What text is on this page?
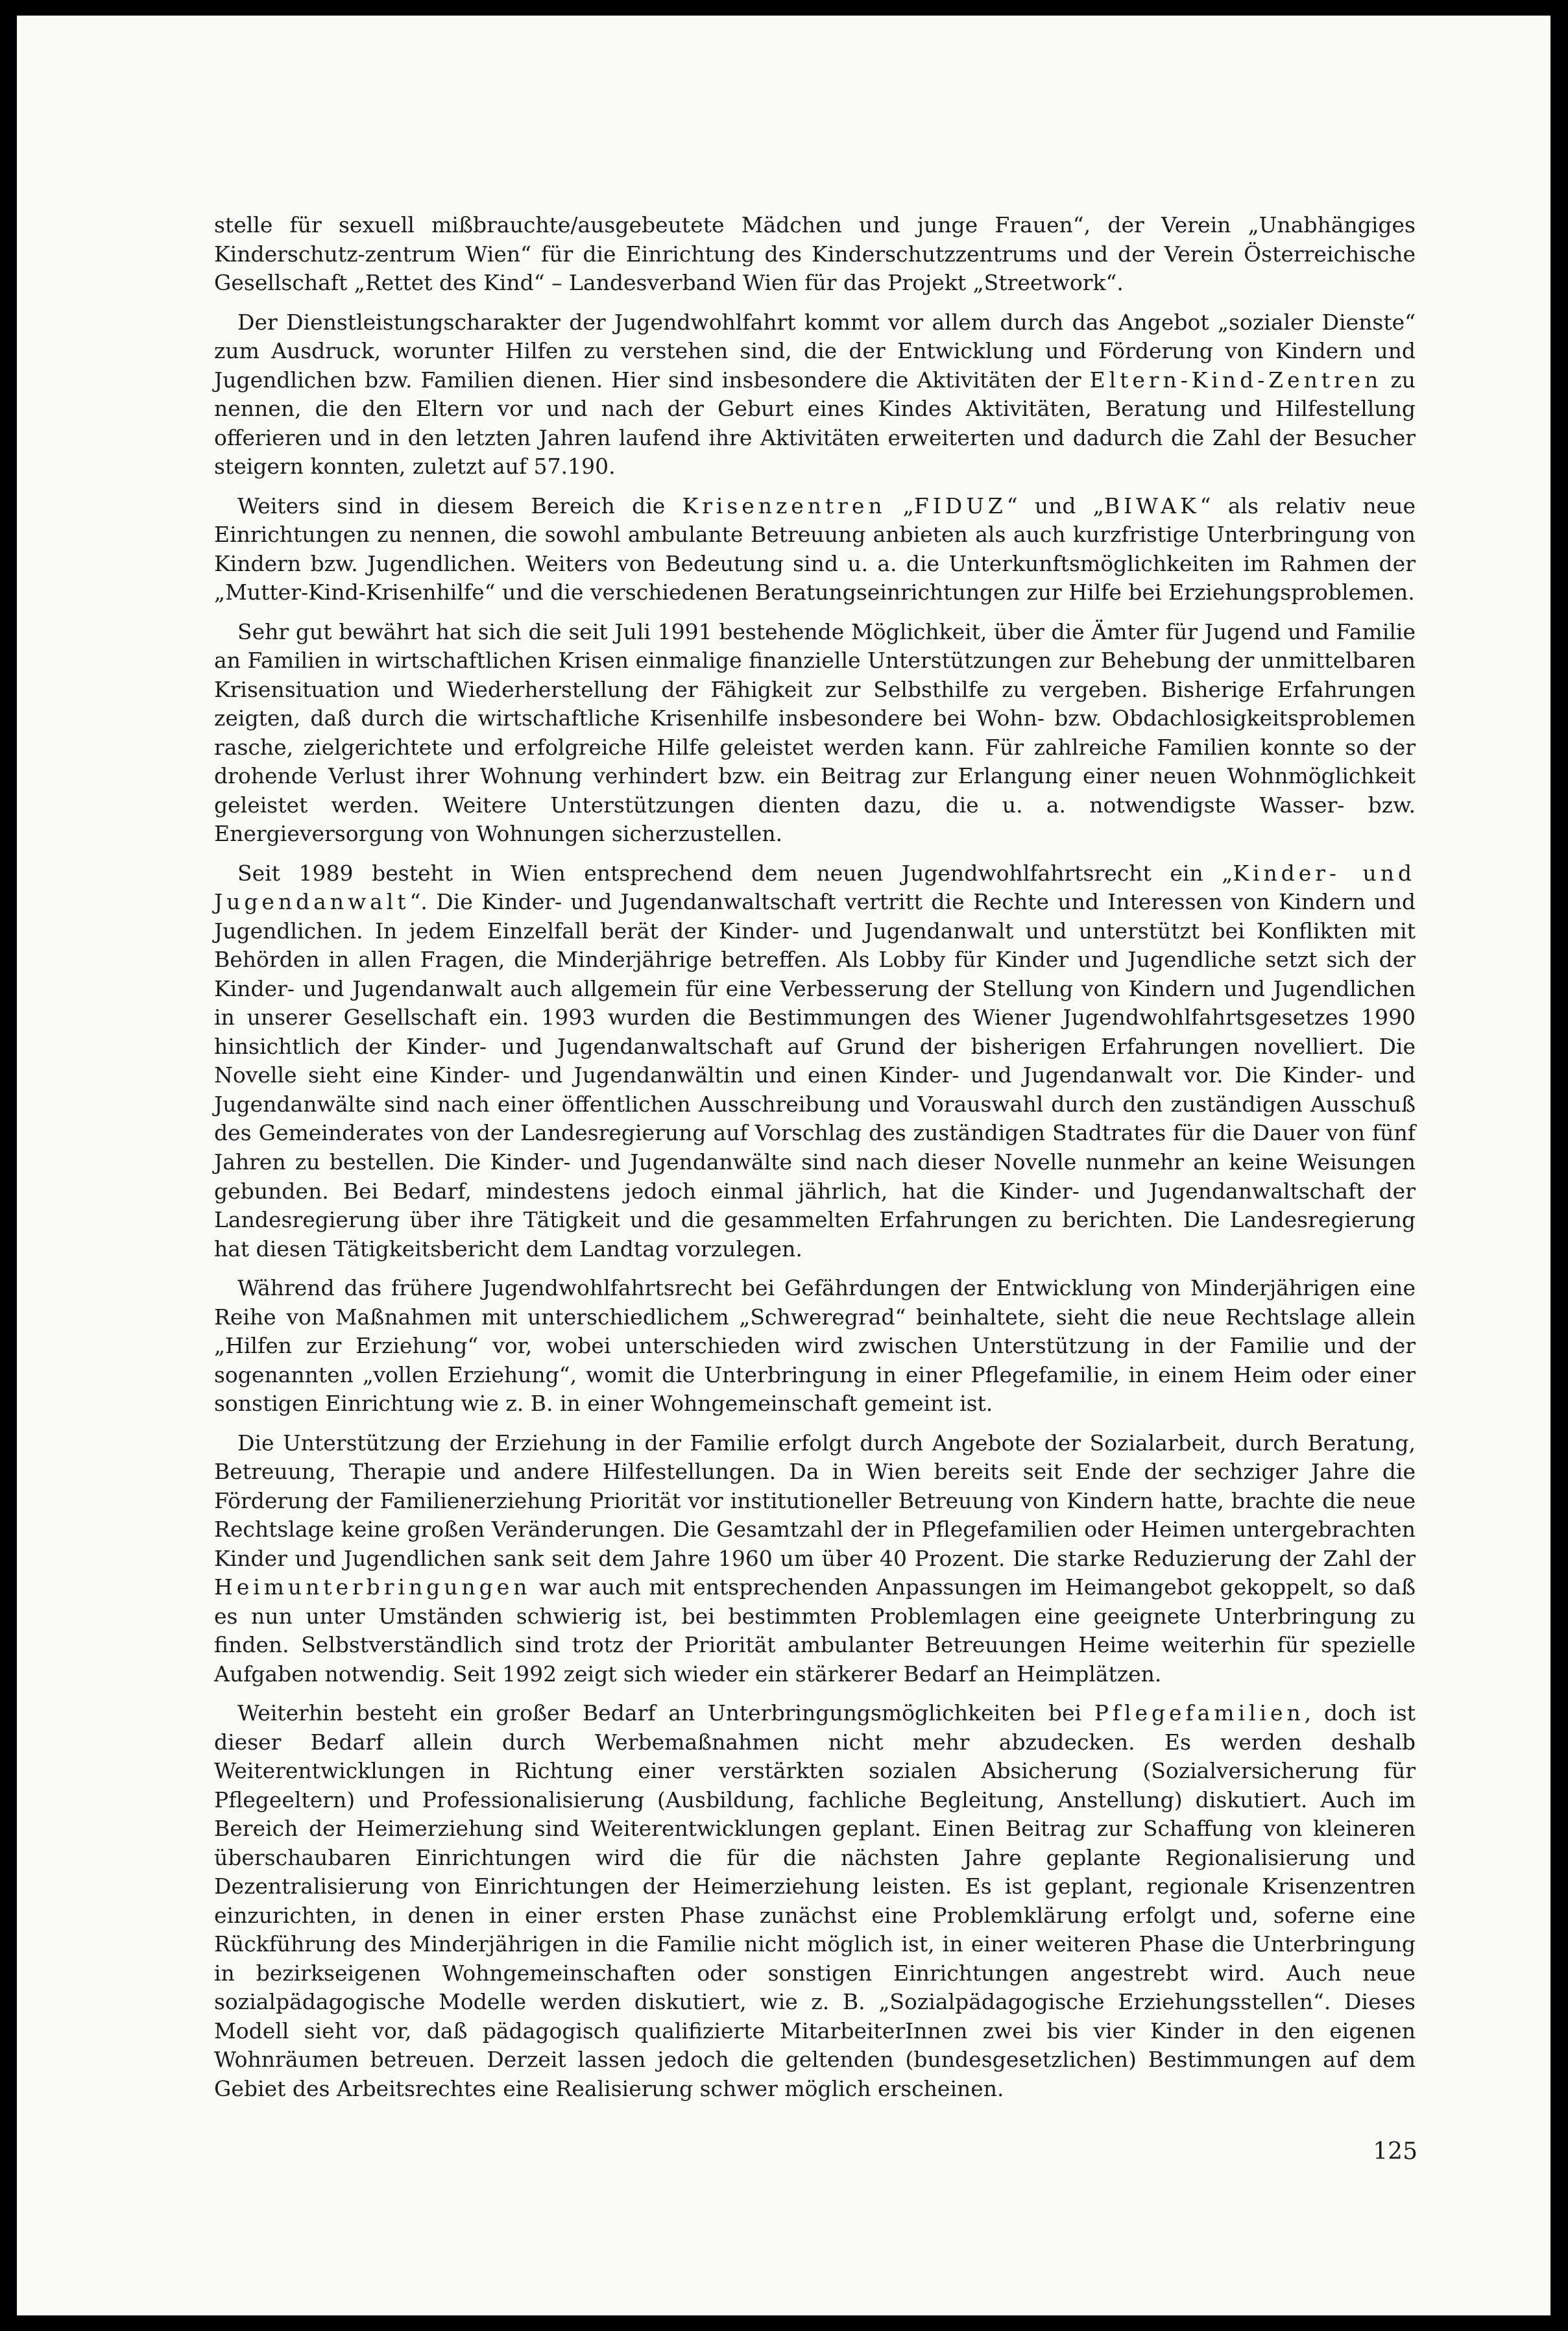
stelle für sexuell mißbrauchte/ausgebeutete Mädchen und junge Frauen“, der Verein „Unabhängiges Kinderschutz-zentrum Wien“ für die Einrichtung des Kinderschutzzentrums und der Verein Österreichische Gesellschaft „Rettet des Kind“ – Landesverband Wien für das Projekt „Streetwork“.

Der Dienstleistungscharakter der Jugendwohlfahrt kommt vor allem durch das Angebot „sozialer Dienste“ zum Ausdruck, worunter Hilfen zu verstehen sind, die der Entwicklung und Förderung von Kindern und Jugendlichen bzw. Familien dienen. Hier sind insbesondere die Aktivitäten der Eltern-Kind-Zentren zu nennen, die den Eltern vor und nach der Geburt eines Kindes Aktivitäten, Beratung und Hilfestellung offerieren und in den letzten Jahren laufend ihre Aktivitäten erweiterten und dadurch die Zahl der Besucher steigern konnten, zuletzt auf 57.190.

Weiters sind in diesem Bereich die Krisenzentren „FIDUZ“ und „BIWAK“ als relativ neue Einrichtungen zu nennen, die sowohl ambulante Betreuung anbieten als auch kurzfristige Unterbringung von Kindern bzw. Jugendlichen. Weiters von Bedeutung sind u. a. die Unterkunftsmöglichkeiten im Rahmen der „Mutter-Kind-Krisenhilfe“ und die verschiedenen Beratungseinrichtungen zur Hilfe bei Erziehungsproblemen.

Sehr gut bewährt hat sich die seit Juli 1991 bestehende Möglichkeit, über die Ämter für Jugend und Familie an Familien in wirtschaftlichen Krisen einmalige finanzielle Unterstützungen zur Behebung der unmittelbaren Krisensituation und Wiederherstellung der Fähigkeit zur Selbsthilfe zu vergeben. Bisherige Erfahrungen zeigten, daß durch die wirtschaftliche Krisenhilfe insbesondere bei Wohn- bzw. Obdachlosigkeitsproblemen rasche, zielgerichtete und erfolgreiche Hilfe geleistet werden kann. Für zahlreiche Familien konnte so der drohende Verlust ihrer Wohnung verhindert bzw. ein Beitrag zur Erlangung einer neuen Wohnmöglichkeit geleistet werden. Weitere Unterstützungen dienten dazu, die u. a. notwendigste Wasser- bzw. Energieversorgung von Wohnungen sicherzustellen.

Seit 1989 besteht in Wien entsprechend dem neuen Jugendwohlfahrtsrecht ein „Kinder- und Jugendanwalt“. Die Kinder- und Jugendanwaltschaft vertritt die Rechte und Interessen von Kindern und Jugendlichen. In jedem Einzelfall berät der Kinder- und Jugendanwalt und unterstützt bei Konflikten mit Behörden in allen Fragen, die Minderjährige betreffen. Als Lobby für Kinder und Jugendliche setzt sich der Kinder- und Jugendanwalt auch allgemein für eine Verbesserung der Stellung von Kindern und Jugendlichen in unserer Gesellschaft ein. 1993 wurden die Bestimmungen des Wiener Jugendwohlfahrtsgesetzes 1990 hinsichtlich der Kinder- und Jugendanwaltschaft auf Grund der bisherigen Erfahrungen novelliert. Die Novelle sieht eine Kinder- und Jugendanwältin und einen Kinder- und Jugendanwalt vor. Die Kinder- und Jugendanwälte sind nach einer öffentlichen Ausschreibung und Vorauswahl durch den zuständigen Ausschuß des Gemeinderates von der Landesregierung auf Vorschlag des zuständigen Stadtrates für die Dauer von fünf Jahren zu bestellen. Die Kinder- und Jugendanwälte sind nach dieser Novelle nunmehr an keine Weisungen gebunden. Bei Bedarf, mindestens jedoch einmal jährlich, hat die Kinder- und Jugendanwaltschaft der Landesregierung über ihre Tätigkeit und die gesammelten Erfahrungen zu berichten. Die Landesregierung hat diesen Tätigkeitsbericht dem Landtag vorzulegen.

Während das frühere Jugendwohlfahrtsrecht bei Gefährdungen der Entwicklung von Minderjährigen eine Reihe von Maßnahmen mit unterschiedlichem „Schweregrad“ beinhaltete, sieht die neue Rechtslage allein „Hilfen zur Erziehung“ vor, wobei unterschieden wird zwischen Unterstützung in der Familie und der sogenannten „vollen Erziehung“, womit die Unterbringung in einer Pflegefamilie, in einem Heim oder einer sonstigen Einrichtung wie z. B. in einer Wohngemeinschaft gemeint ist.

Die Unterstützung der Erziehung in der Familie erfolgt durch Angebote der Sozialarbeit, durch Beratung, Betreuung, Therapie und andere Hilfestellungen. Da in Wien bereits seit Ende der sechziger Jahre die Förderung der Familienerziehung Priorität vor institutioneller Betreuung von Kindern hatte, brachte die neue Rechtslage keine großen Veränderungen. Die Gesamtzahl der in Pflegefamilien oder Heimen untergebrachten Kinder und Jugendlichen sank seit dem Jahre 1960 um über 40 Prozent. Die starke Reduzierung der Zahl der Heimunterbringungen war auch mit entsprechenden Anpassungen im Heimangebot gekoppelt, so daß es nun unter Umständen schwierig ist, bei bestimmten Problemlagen eine geeignete Unterbringung zu finden. Selbstverständlich sind trotz der Priorität ambulanter Betreuungen Heime weiterhin für spezielle Aufgaben notwendig. Seit 1992 zeigt sich wieder ein stärkerer Bedarf an Heimplätzen.

Weiterhin besteht ein großer Bedarf an Unterbringungsmöglichkeiten bei Pflegefamilien, doch ist dieser Bedarf allein durch Werbemaßnahmen nicht mehr abzudecken. Es werden deshalb Weiterentwicklungen in Richtung einer verstärkten sozialen Absicherung (Sozialversicherung für Pflegeeltern) und Professionalisierung (Ausbildung, fachliche Begleitung, Anstellung) diskutiert. Auch im Bereich der Heimerziehung sind Weiterentwicklungen geplant. Einen Beitrag zur Schaffung von kleineren überschaubaren Einrichtungen wird die für die nächsten Jahre geplante Regionalisierung und Dezentralisierung von Einrichtungen der Heimerziehung leisten. Es ist geplant, regionale Krisenzentren einzurichten, in denen in einer ersten Phase zunächst eine Problemklärung erfolgt und, soferne eine Rückführung des Minderjährigen in die Familie nicht möglich ist, in einer weiteren Phase die Unterbringung in bezirkseigenen Wohngemeinschaften oder sonstigen Einrichtungen angestrebt wird. Auch neue sozialpädagogische Modelle werden diskutiert, wie z. B. „Sozialpädagogische Erziehungsstellen“. Dieses Modell sieht vor, daß pädagogisch qualifizierte MitarbeiterInnen zwei bis vier Kinder in den eigenen Wohnräumen betreuen. Derzeit lassen jedoch die geltenden (bundesgesetzlichen) Bestimmungen auf dem Gebiet des Arbeitsrechtes eine Realisierung schwer möglich erscheinen.

125
